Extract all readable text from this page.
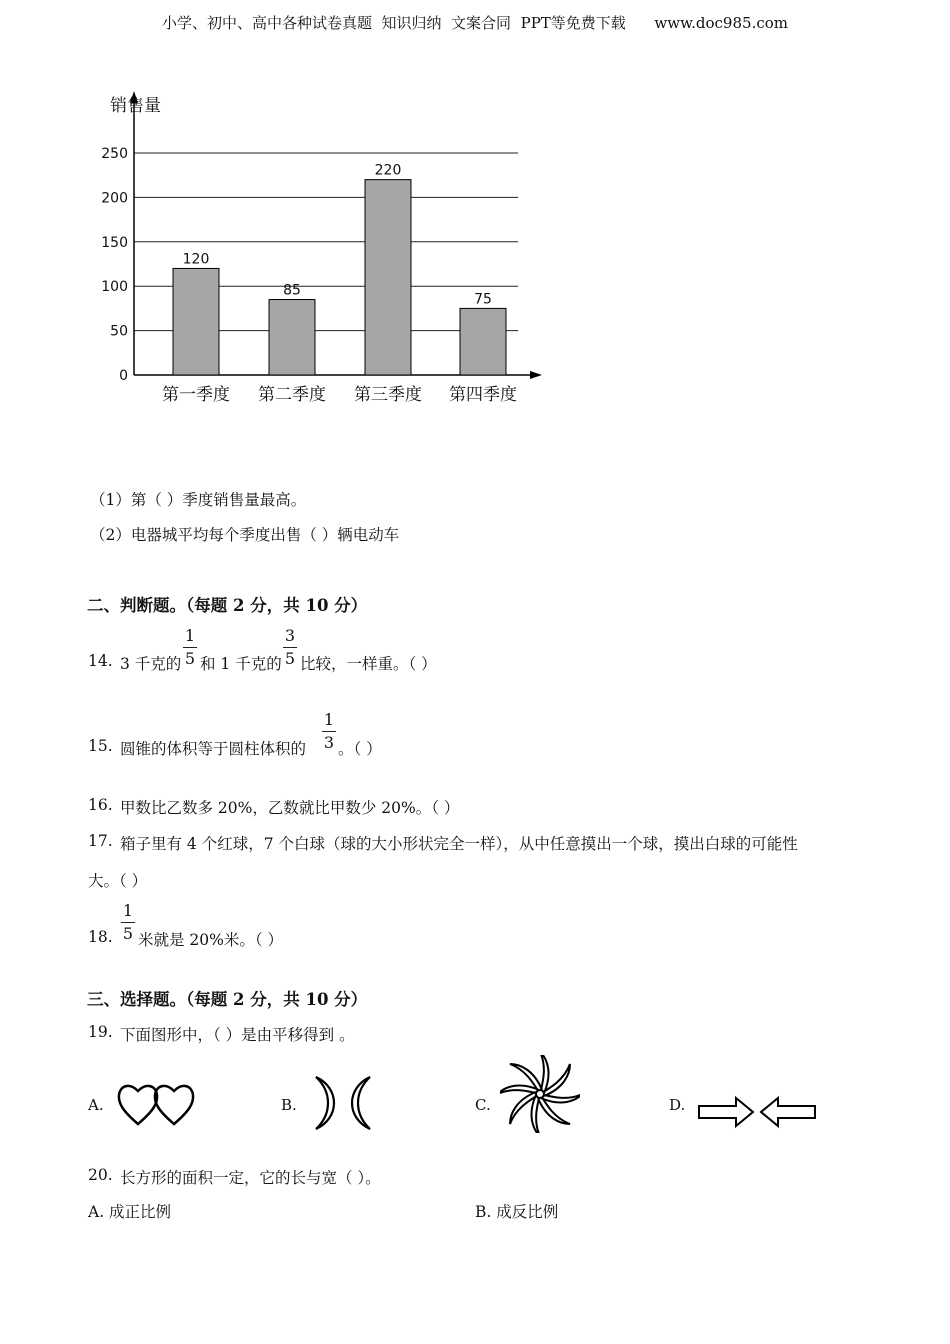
小学、初中、高中各种试卷真题  知识归纳  文案合同  PPT等免费下载      www.doc985.com
0
50
100
150
200
250
销售量
120
第一季度
85
第二季度
220
第三季度
75
第四季度
（1）第（ ）季度销售量最高。
（2）电器城平均每个季度出售（ ）辆电动车
二、判断题。（每题 2 分，共 10 分）
14. 3 千克的
1
5 和 1 千克的
3
5 比较，一样重。（ ）
15. 圆锥的体积等于圆柱体积的
1
3 。（ ）
16. 甲数比乙数多 20%，乙数就比甲数少 20%。（ ）
17. 箱子里有 4 个红球，7 个白球（球的大小形状完全一样），从中任意摸出一个球，摸出白球的可能性
大。（ ）
18.
1
5 米就是 20%米。（ ）
三、选择题。（每题 2 分，共 10 分）
19. 下面图形中，（ ）是由平移得到 。
A.	B.	C.	D.
20. 长方形的面积一定，它的长与宽（ ）。
A. 成正比例	B. 成反比例
